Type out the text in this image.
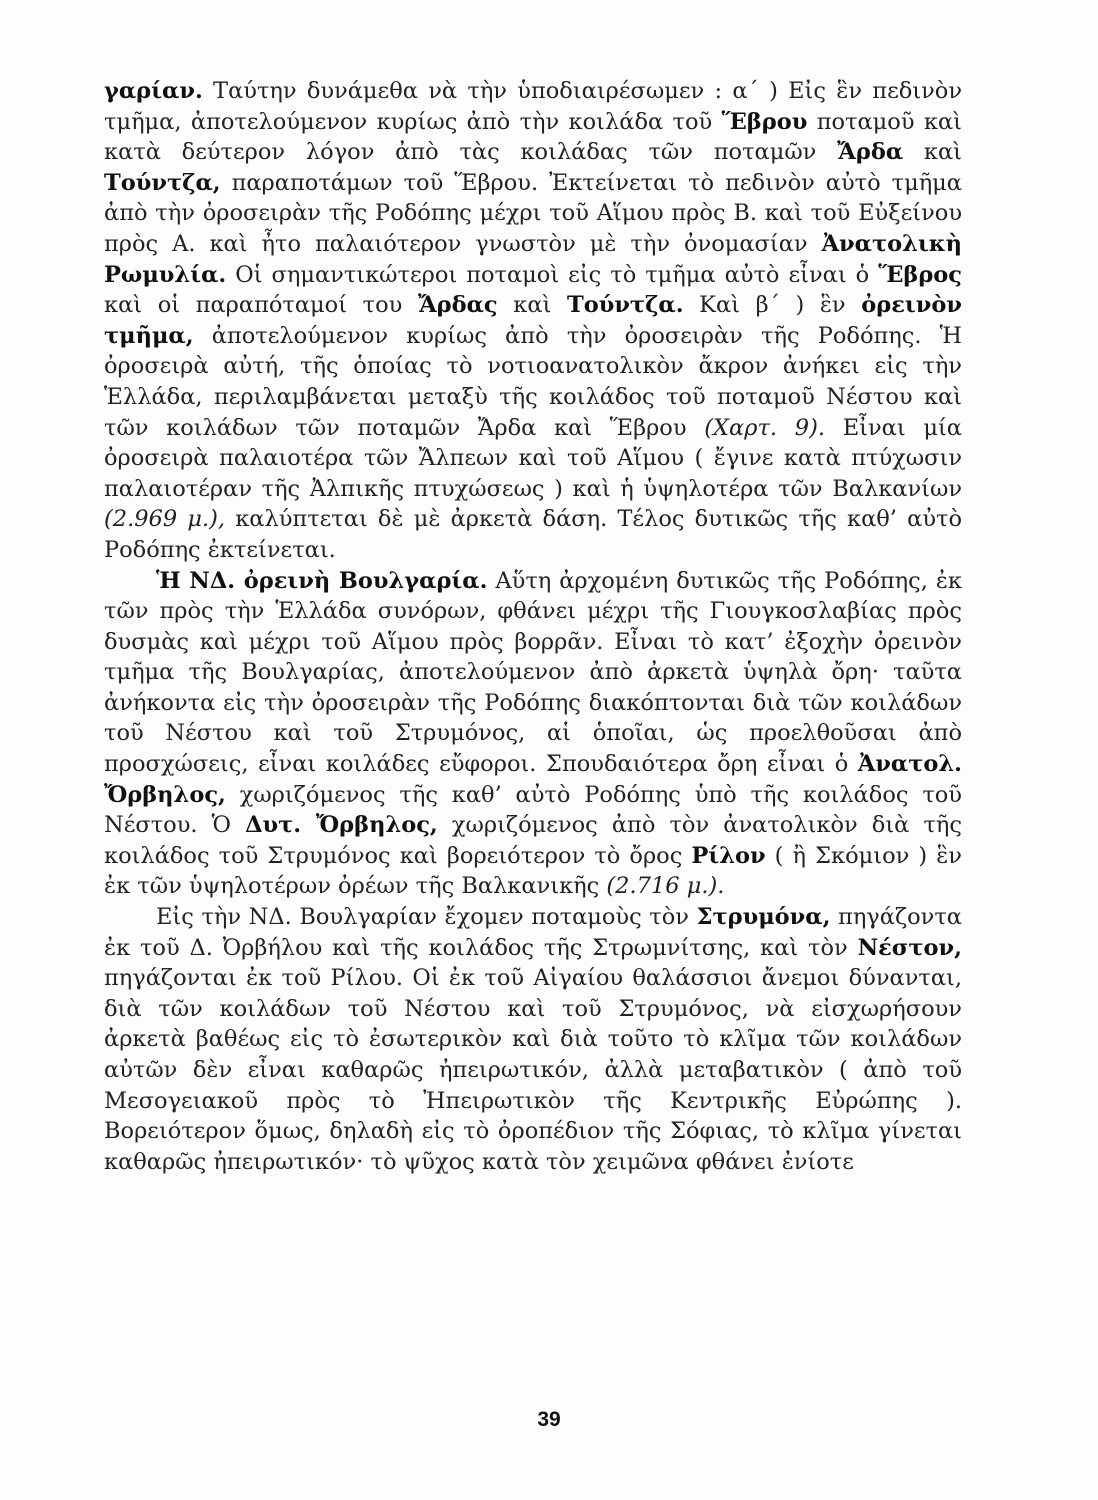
γαρίαν. Ταύτην δυνάμεθα νὰ τὴν ὑποδιαιρέσωμεν : α΄ ) Εἰς ἓν πεδινὸν τμῆμα, ἀποτελούμενον κυρίως ἀπὸ τὴν κοιλάδα τοῦ Ἕβρου ποταμοῦ καὶ κατὰ δεύτερον λόγον ἀπὸ τὰς κοιλάδας τῶν ποταμῶν Ἄρδα καὶ Τούντζα, παραποτάμων τοῦ Ἕβρου. Ἐκτείνεται τὸ πεδινὸν αὐτὸ τμῆμα ἀπὸ τὴν ὀροσειρὰν τῆς Ροδόπης μέχρι τοῦ Αἵμου πρὸς Β. καὶ τοῦ Εὐξείνου πρὸς Α. καὶ ἦτο παλαιότερον γνωστὸν μὲ τὴν ὀνομασίαν Ἀνατολικὴ Ρωμυλία. Οἱ σημαντικώτεροι ποταμοὶ εἰς τὸ τμῆμα αὐτὸ εἶναι ὁ Ἕβρος καὶ οἱ παραπόταμοί του Ἄρδας καὶ Τούντζα. Καὶ β΄ ) ἓν ὀρεινὸν τμῆμα, ἀποτελούμενον κυρίως ἀπὸ τὴν ὀροσειρὰν τῆς Ροδόπης. Ἡ ὀροσειρὰ αὐτή, τῆς ὁποίας τὸ νοτιοανατολικὸν ἄκρον ἀνήκει εἰς τὴν Ἑλλάδα, περιλαμβάνεται μεταξὺ τῆς κοιλάδος τοῦ ποταμοῦ Νέστου καὶ τῶν κοιλάδων τῶν ποταμῶν Ἄρδα καὶ Ἕβρου (Χαρτ. 9). Εἶναι μία ὀροσειρὰ παλαιοτέρα τῶν Ἄλπεων καὶ τοῦ Αἵμου ( ἔγινε κατὰ πτύχωσιν παλαιοτέραν τῆς Ἀλπικῆς πτυχώσεως ) καὶ ἡ ὑψηλοτέρα τῶν Βαλκανίων (2.969 μ.), καλύπτεται δὲ μὲ ἀρκετὰ δάση. Τέλος δυτικῶς τῆς καθ’ αὐτὸ Ροδόπης ἐκτείνεται.

Ἡ ΝΔ. ὀρεινὴ Βουλγαρία. Αὕτη ἀρχομένη δυτικῶς τῆς Ροδόπης, ἐκ τῶν πρὸς τὴν Ἑλλάδα συνόρων, φθάνει μέχρι τῆς Γιουγκοσλαβίας πρὸς δυσμὰς καὶ μέχρι τοῦ Αἵμου πρὸς βορρᾶν. Εἶναι τὸ κατ’ ἐξοχὴν ὀρεινὸν τμῆμα τῆς Βουλγαρίας, ἀποτελούμενον ἀπὸ ἀρκετὰ ὑψηλὰ ὄρη· ταῦτα ἀνήκοντα εἰς τὴν ὀροσειρὰν τῆς Ροδόπης διακόπτονται διὰ τῶν κοιλάδων τοῦ Νέστου καὶ τοῦ Στρυμόνος, αἱ ὁποῖαι, ὡς προελθοῦσαι ἀπὸ προσχώσεις, εἶναι κοιλάδες εὔφοροι. Σπουδαιότερα ὄρη εἶναι ὁ Ἀνατολ. Ὄρβηλος, χωριζόμενος τῆς καθ’ αὐτὸ Ροδόπης ὑπὸ τῆς κοιλάδος τοῦ Νέστου. Ὁ Δυτ. Ὄρβηλος, χωριζόμενος ἀπὸ τὸν ἀνατολικὸν διὰ τῆς κοιλάδος τοῦ Στρυμόνος καὶ βορειότερον τὸ ὄρος Ρίλον ( ἢ Σκόμιον ) ἓν ἐκ τῶν ὑψηλοτέρων ὀρέων τῆς Βαλκανικῆς (2.716 μ.).

Εἰς τὴν ΝΔ. Βουλγαρίαν ἔχομεν ποταμοὺς τὸν Στρυμόνα, πηγάζοντα ἐκ τοῦ Δ. Ὀρβήλου καὶ τῆς κοιλάδος τῆς Στρωμνίτσης, καὶ τὸν Νέστον, πηγάζονται ἐκ τοῦ Ρίλου. Οἱ ἐκ τοῦ Αἰγαίου θαλάσσιοι ἄνεμοι δύνανται, διὰ τῶν κοιλάδων τοῦ Νέστου καὶ τοῦ Στρυμόνος, νὰ εἰσχωρήσουν ἀρκετὰ βαθέως εἰς τὸ ἐσωτερικὸν καὶ διὰ τοῦτο τὸ κλῖμα τῶν κοιλάδων αὐτῶν δὲν εἶναι καθαρῶς ἠπειρωτικόν, ἀλλὰ μεταβατικὸν ( ἀπὸ τοῦ Μεσογειακοῦ πρὸς τὸ Ἠπειρωτικὸν τῆς Κεντρικῆς Εὐρώπης ). Βορειότερον ὅμως, δηλαδὴ εἰς τὸ ὀροπέδιον τῆς Σόφιας, τὸ κλῖμα γίνεται καθαρῶς ἠπειρωτικόν· τὸ ψῦχος κατὰ τὸν χειμῶνα φθάνει ἐνίοτε

39
